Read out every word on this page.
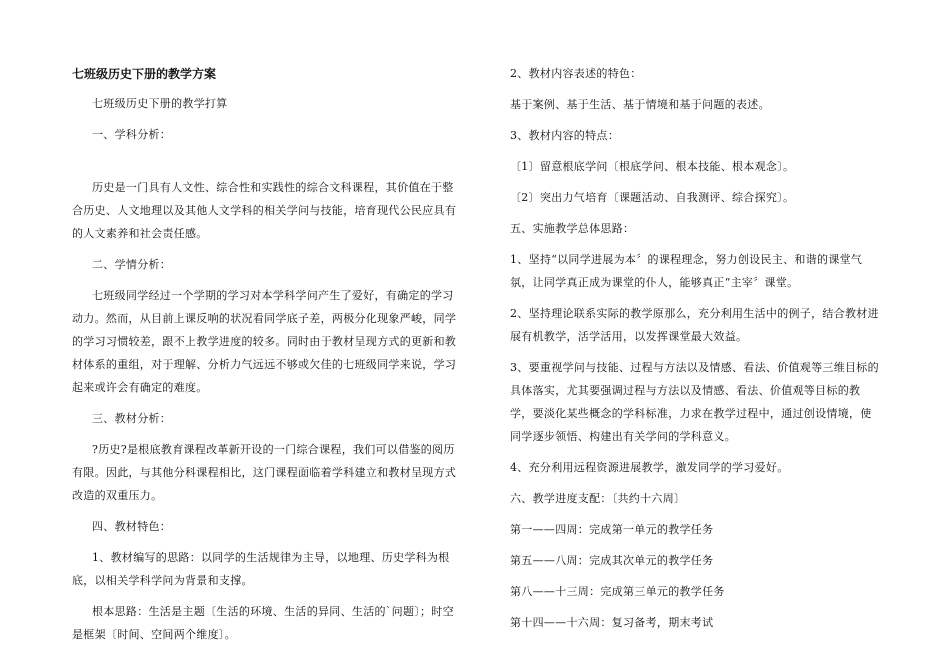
七班级历史下册的教学方案
七班级历史下册的教学打算
一、学科分析：
历史是一门具有人文性、综合性和实践性的综合文科课程，其价值在于整合历史、人文地理以及其他人文学科的相关学问与技能，培育现代公民应具有的人文素养和社会责任感。
二、学情分析：
七班级同学经过一个学期的学习对本学科学问产生了爱好，有确定的学习动力。然而，从目前上课反响的状况看同学底子差，两极分化现象严峻，同学的学习习惯较差，跟不上教学进度的较多。同时由于教材呈现方式的更新和教材体系的重组，对于理解、分析力气远远不够或欠佳的七班级同学来说，学习起来或许会有确定的难度。
三、教材分析：
?历史?是根底教育课程改革新开设的一门综合课程，我们可以借鉴的阅历有限。因此，与其他分科课程相比，这门课程面临着学科建立和教材呈现方式改造的双重压力。
四、教材特色：
1、教材编写的思路：以同学的生活规律为主导，以地理、历史学科为根底，以相关学科学问为背景和支撑。
根本思路：生活是主题〔生活的环境、生活的异同、生活的`问题〕；时空是框架〔时间、空间两个维度〕。
2、教材内容表述的特色：
基于案例、基于生活、基于情境和基于问题的表述。
3、教材内容的特点：
〔1〕留意根底学问〔根底学问、根本技能、根本观念〕。
〔2〕突出力气培育〔课题活动、自我测评、综合探究〕。
五、实施教学总体思路：
1、坚持“以同学进展为本〞的课程理念，努力创设民主、和谐的课堂气氛，让同学真正成为课堂的仆人，能够真正“主宰〞课堂。
2、坚持理论联系实际的教学原那么，充分利用生活中的例子，结合教材进展有机教学，活学活用，以发挥课堂最大效益。
3、要重视学问与技能、过程与方法以及情感、看法、价值观等三维目标的具体落实，尤其要强调过程与方法以及情感、看法、价值观等目标的教学，要淡化某些概念的学科标准，力求在教学过程中，通过创设情境，使同学逐步领悟、构建出有关学问的学科意义。
4、充分利用远程资源进展教学，激发同学的学习爱好。
六、教学进度支配：〔共约十六周〕
第一——四周：完成第一单元的教学任务
第五——八周：完成其次单元的教学任务
第八——十三周：完成第三单元的教学任务
第十四——十六周：复习备考，期末考试
